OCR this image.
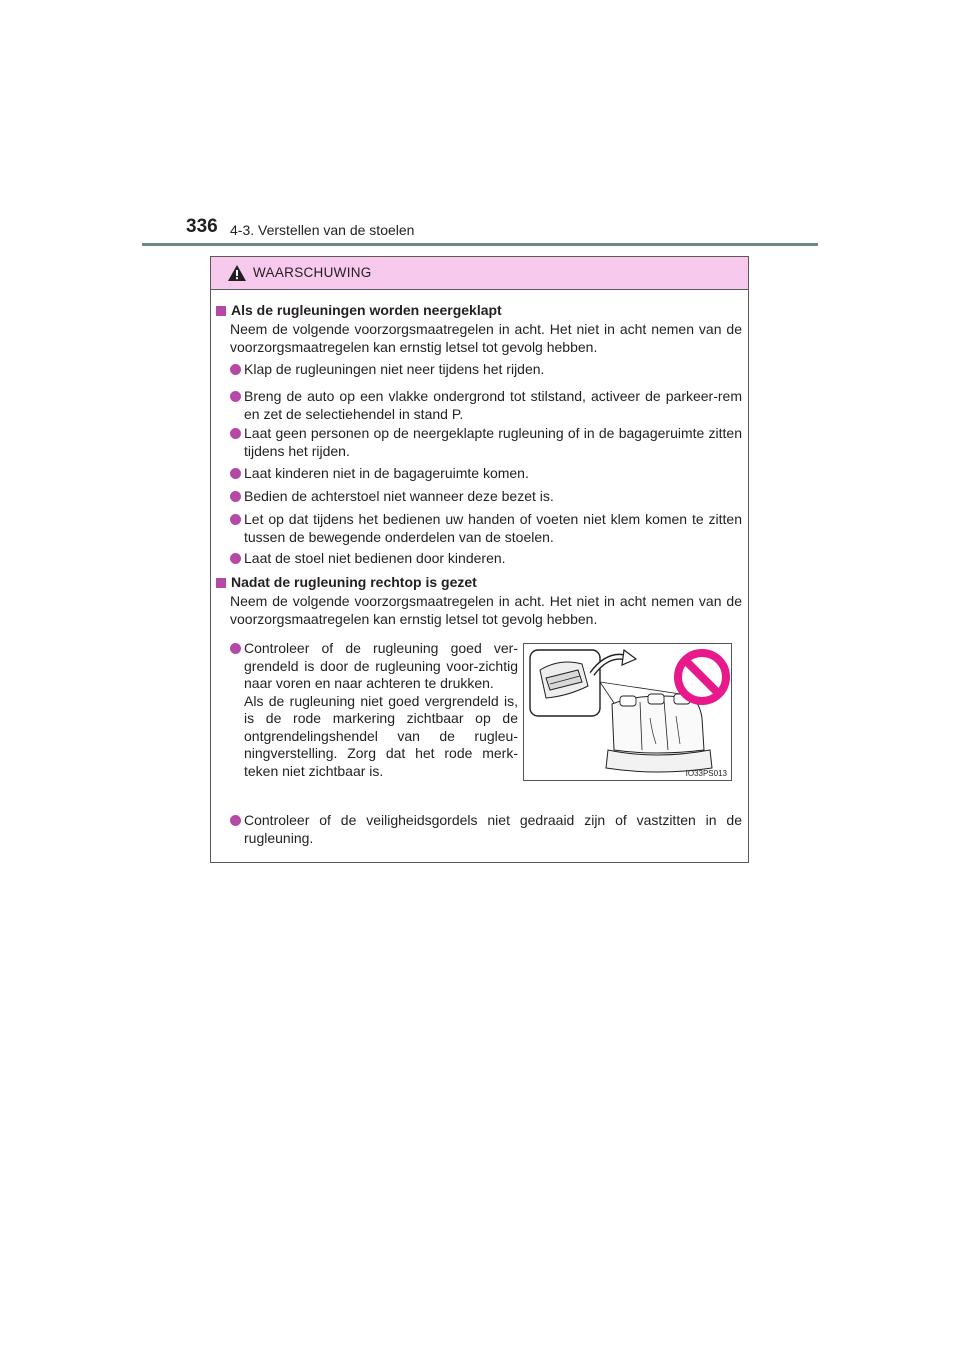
336 4-3. Verstellen van de stoelen
WAARSCHUWING
Als de rugleuningen worden neergeklapt
Neem de volgende voorzorgsmaatregelen in acht. Het niet in acht nemen van de voorzorgsmaatregelen kan ernstig letsel tot gevolg hebben.
Klap de rugleuningen niet neer tijdens het rijden.
Breng de auto op een vlakke ondergrond tot stilstand, activeer de parkeer-rem en zet de selectiehendel in stand P.
Laat geen personen op de neergeklapte rugleuning of in de bagageruimte zitten tijdens het rijden.
Laat kinderen niet in de bagageruimte komen.
Bedien de achterstoel niet wanneer deze bezet is.
Let op dat tijdens het bedienen uw handen of voeten niet klem komen te zitten tussen de bewegende onderdelen van de stoelen.
Laat de stoel niet bedienen door kinderen.
Nadat de rugleuning rechtop is gezet
Neem de volgende voorzorgsmaatregelen in acht. Het niet in acht nemen van de voorzorgsmaatregelen kan ernstig letsel tot gevolg hebben.
Controleer of de rugleuning goed ver-grendeld is door de rugleuning voor-zichtig naar voren en naar achteren te drukken.
Als de rugleuning niet goed vergrendeld is, is de rode markering zichtbaar op de ontgrendelingshendel van de rugleu-ningverstelling. Zorg dat het rode merk-teken niet zichtbaar is.	IO33PS013
Controleer of de veiligheidsgordels niet gedraaid zijn of vastzitten in de rugleuning.
